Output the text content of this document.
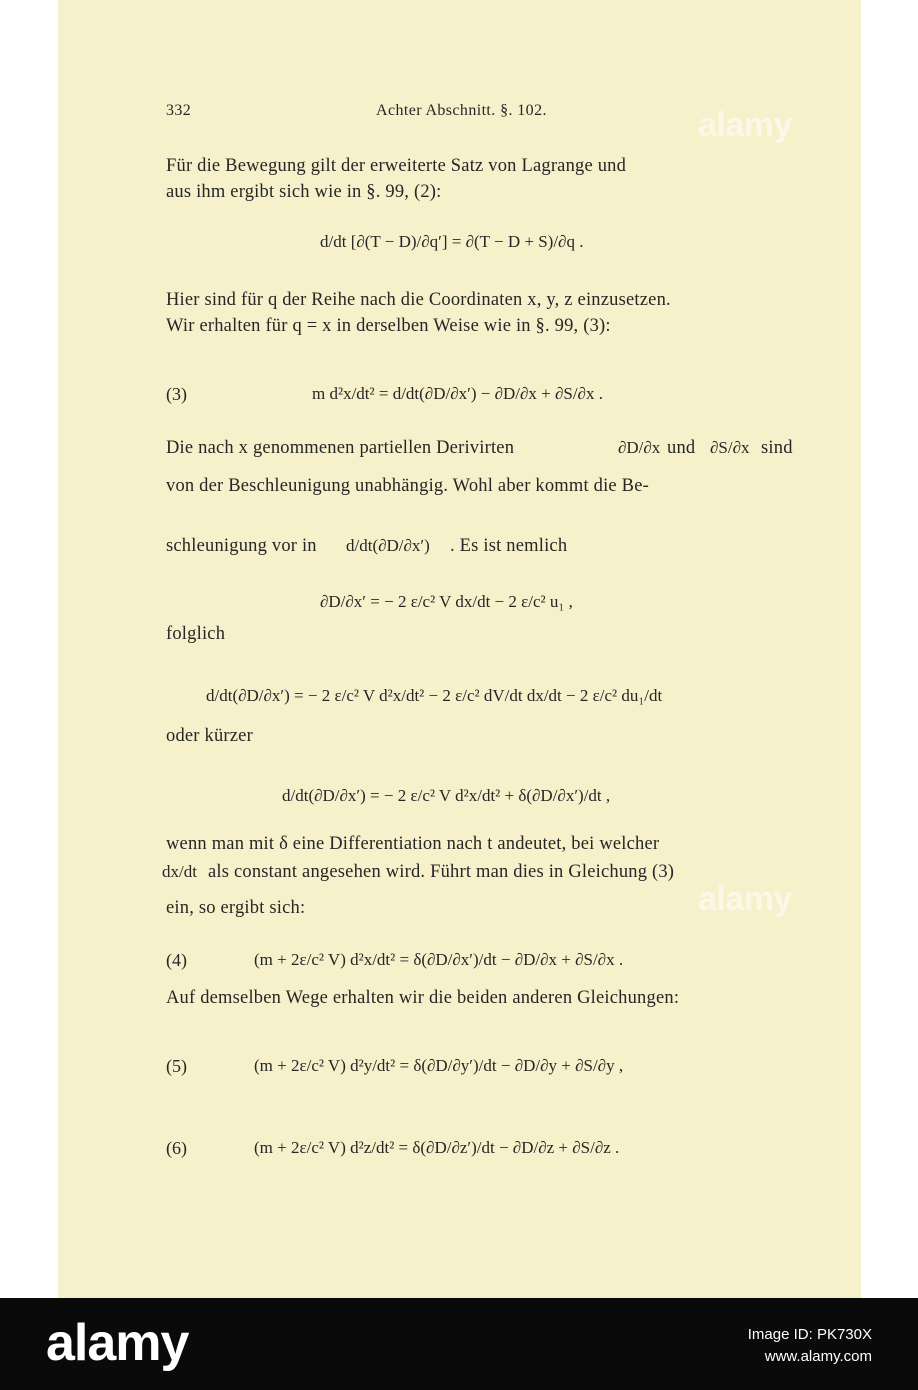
332	Achter Abschnitt. §. 102.
Für die Bewegung gilt der erweiterte Satz von Lagrange und
aus ihm ergibt sich wie in §. 99, (2):
d/dt [∂(T − D)/∂q′] = ∂(T − D + S)/∂q .
Hier sind für q der Reihe nach die Coordinaten x, y, z einzusetzen.
Wir erhalten für q = x in derselben Weise wie in §. 99, (3):
(3)	m d²x/dt² = d/dt(∂D/∂x′) − ∂D/∂x + ∂S/∂x .
Die nach x genommenen partiellen Derivirten	∂D/∂x und ∂S/∂x sind
von der Beschleunigung unabhängig. Wohl aber kommt die Be-
schleunigung vor in d/dt(∂D/∂x′) . Es ist nemlich
∂D/∂x′ = − 2 ε/c² V dx/dt − 2 ε/c² u₁ ,
folglich
d/dt(∂D/∂x′) = − 2 ε/c² V d²x/dt² − 2 ε/c² dV/dt dx/dt − 2 ε/c² du₁/dt
oder kürzer
d/dt(∂D/∂x′) = − 2 ε/c² V d²x/dt² + δ(∂D/∂x′)/dt ,
wenn man mit δ eine Differentiation nach t andeutet, bei welcher
dx/dt als constant angesehen wird. Führt man dies in Gleichung (3)
ein, so ergibt sich:
(4)	(m + 2ε/c² V) d²x/dt² = δ(∂D/∂x′)/dt − ∂D/∂x + ∂S/∂x .
Auf demselben Wege erhalten wir die beiden anderen Gleichungen:
(5)	(m + 2ε/c² V) d²y/dt² = δ(∂D/∂y′)/dt − ∂D/∂y + ∂S/∂y ,
(6)	(m + 2ε/c² V) d²z/dt² = δ(∂D/∂z′)/dt − ∂D/∂z + ∂S/∂z .
alamy
alamy
alamy	Image ID: PK730X
www.alamy.com
